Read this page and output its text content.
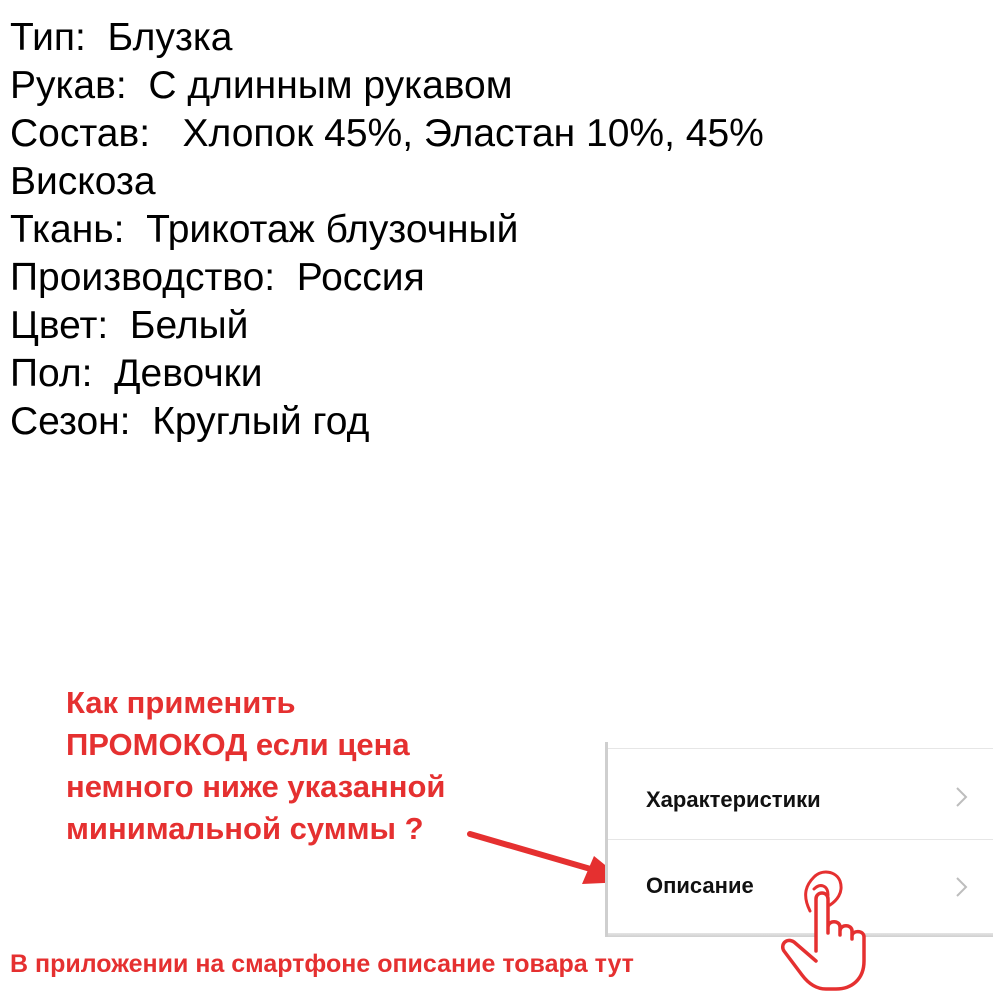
Тип: Блузка
Рукав: С длинным рукавом
Состав: Хлопок 45%, Эластан 10%, 45% Вискоза
Ткань: Трикотаж блузочный
Производство: Россия
Цвет: Белый
Пол: Девочки
Сезон: Круглый год
Как применить
ПРОМОКОД если цена
немного ниже указанной
минимальной суммы ?
Характеристики
Описание
В приложении на смартфоне описание товара тут
